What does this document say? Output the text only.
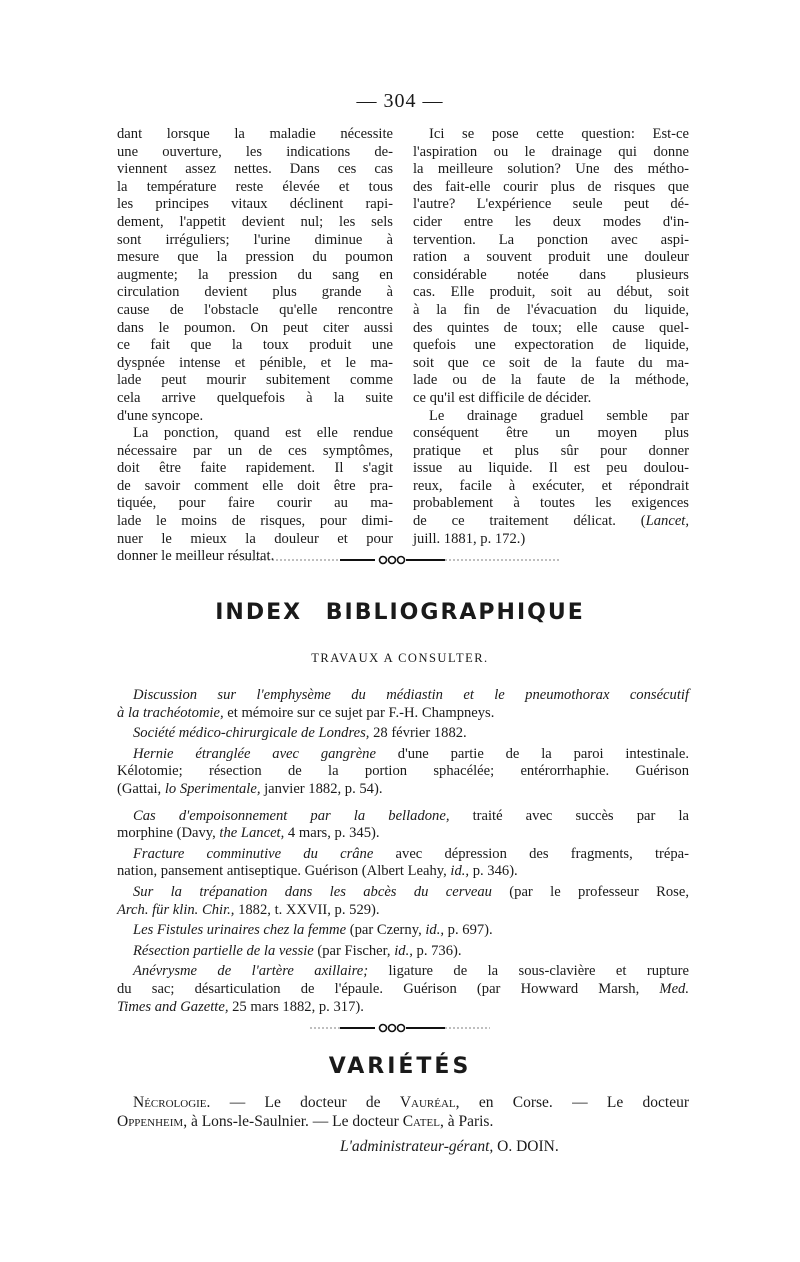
— 304 —

dant lorsque la maladie nécessite
une ouverture, les indications de-
viennent assez nettes. Dans ces cas
la température reste élevée et tous
les principes vitaux déclinent rapi-
dement, l'appetit devient nul; les sels
sont irréguliers; l'urine diminue à
mesure que la pression du poumon
augmente; la pression du sang en
circulation devient plus grande à
cause de l'obstacle qu'elle rencontre
dans le poumon. On peut citer aussi
ce fait que la toux produit une
dyspnée intense et pénible, et le ma-
lade peut mourir subitement comme
cela arrive quelquefois à la suite
d'une syncope.

La ponction, quand est elle rendue
nécessaire par un de ces symptômes,
doit être faite rapidement. Il s'agit
de savoir comment elle doit être pra-
tiquée, pour faire courir au ma-
lade le moins de risques, pour dimi-
nuer le mieux la douleur et pour
donner le meilleur résultat.

Ici se pose cette question: Est-ce
l'aspiration ou le drainage qui donne
la meilleure solution? Une des métho-
des fait-elle courir plus de risques que
l'autre? L'expérience seule peut dé-
cider entre les deux modes d'in-
tervention. La ponction avec aspi-
ration a souvent produit une douleur
considérable notée dans plusieurs
cas. Elle produit, soit au début, soit
à la fin de l'évacuation du liquide,
des quintes de toux; elle cause quel-
quefois une expectoration de liquide,
soit que ce soit de la faute du ma-
lade ou de la faute de la méthode,
ce qu'il est difficile de décider.

Le drainage graduel semble par
conséquent être un moyen plus
pratique et plus sûr pour donner
issue au liquide. Il est peu doulou-
reux, facile à exécuter, et répondrait
probablement à toutes les exigences
de ce traitement délicat. (Lancet,
juill. 1881, p. 172.)

INDEX BIBLIOGRAPHIQUE
TRAVAUX A CONSULTER.
Discussion sur l'emphysème du médiastin et le pneumothorax consécutif
à la trachéotomie, et mémoire sur ce sujet par F.-H. Champneys.
Société médico-chirurgicale de Londres, 28 février 1882.
Hernie étranglée avec gangrène d'une partie de la paroi intestinale.
Kélotomie; résection de la portion sphacélée; entérorrhaphie. Guérison
(Gattai, lo Sperimentale, janvier 1882, p. 54).
Cas d'empoisonnement par la belladone, traité avec succès par la
morphine (Davy, the Lancet, 4 mars, p. 345).
Fracture comminutive du crâne avec dépression des fragments, trépa-
nation, pansement antiseptique. Guérison (Albert Leahy, id., p. 346).
Sur la trépanation dans les abcès du cerveau (par le professeur Rose,
Arch. für klin. Chir., 1882, t. XXVII, p. 529).
Les Fistules urinaires chez la femme (par Czerny, id., p. 697).
Résection partielle de la vessie (par Fischer, id., p. 736).
Anévrysme de l'artère axillaire; ligature de la sous-clavière et rupture
du sac; désarticulation de l'épaule. Guérison (par Howward Marsh, Med.
Times and Gazette, 25 mars 1882, p. 317).
VARIÉTÉS
Nécrologie. — Le docteur de Vauréal, en Corse. — Le docteur
Oppenheim, à Lons-le-Saulnier. — Le docteur Catel, à Paris.
L'administrateur-gérant, O. DOIN.
